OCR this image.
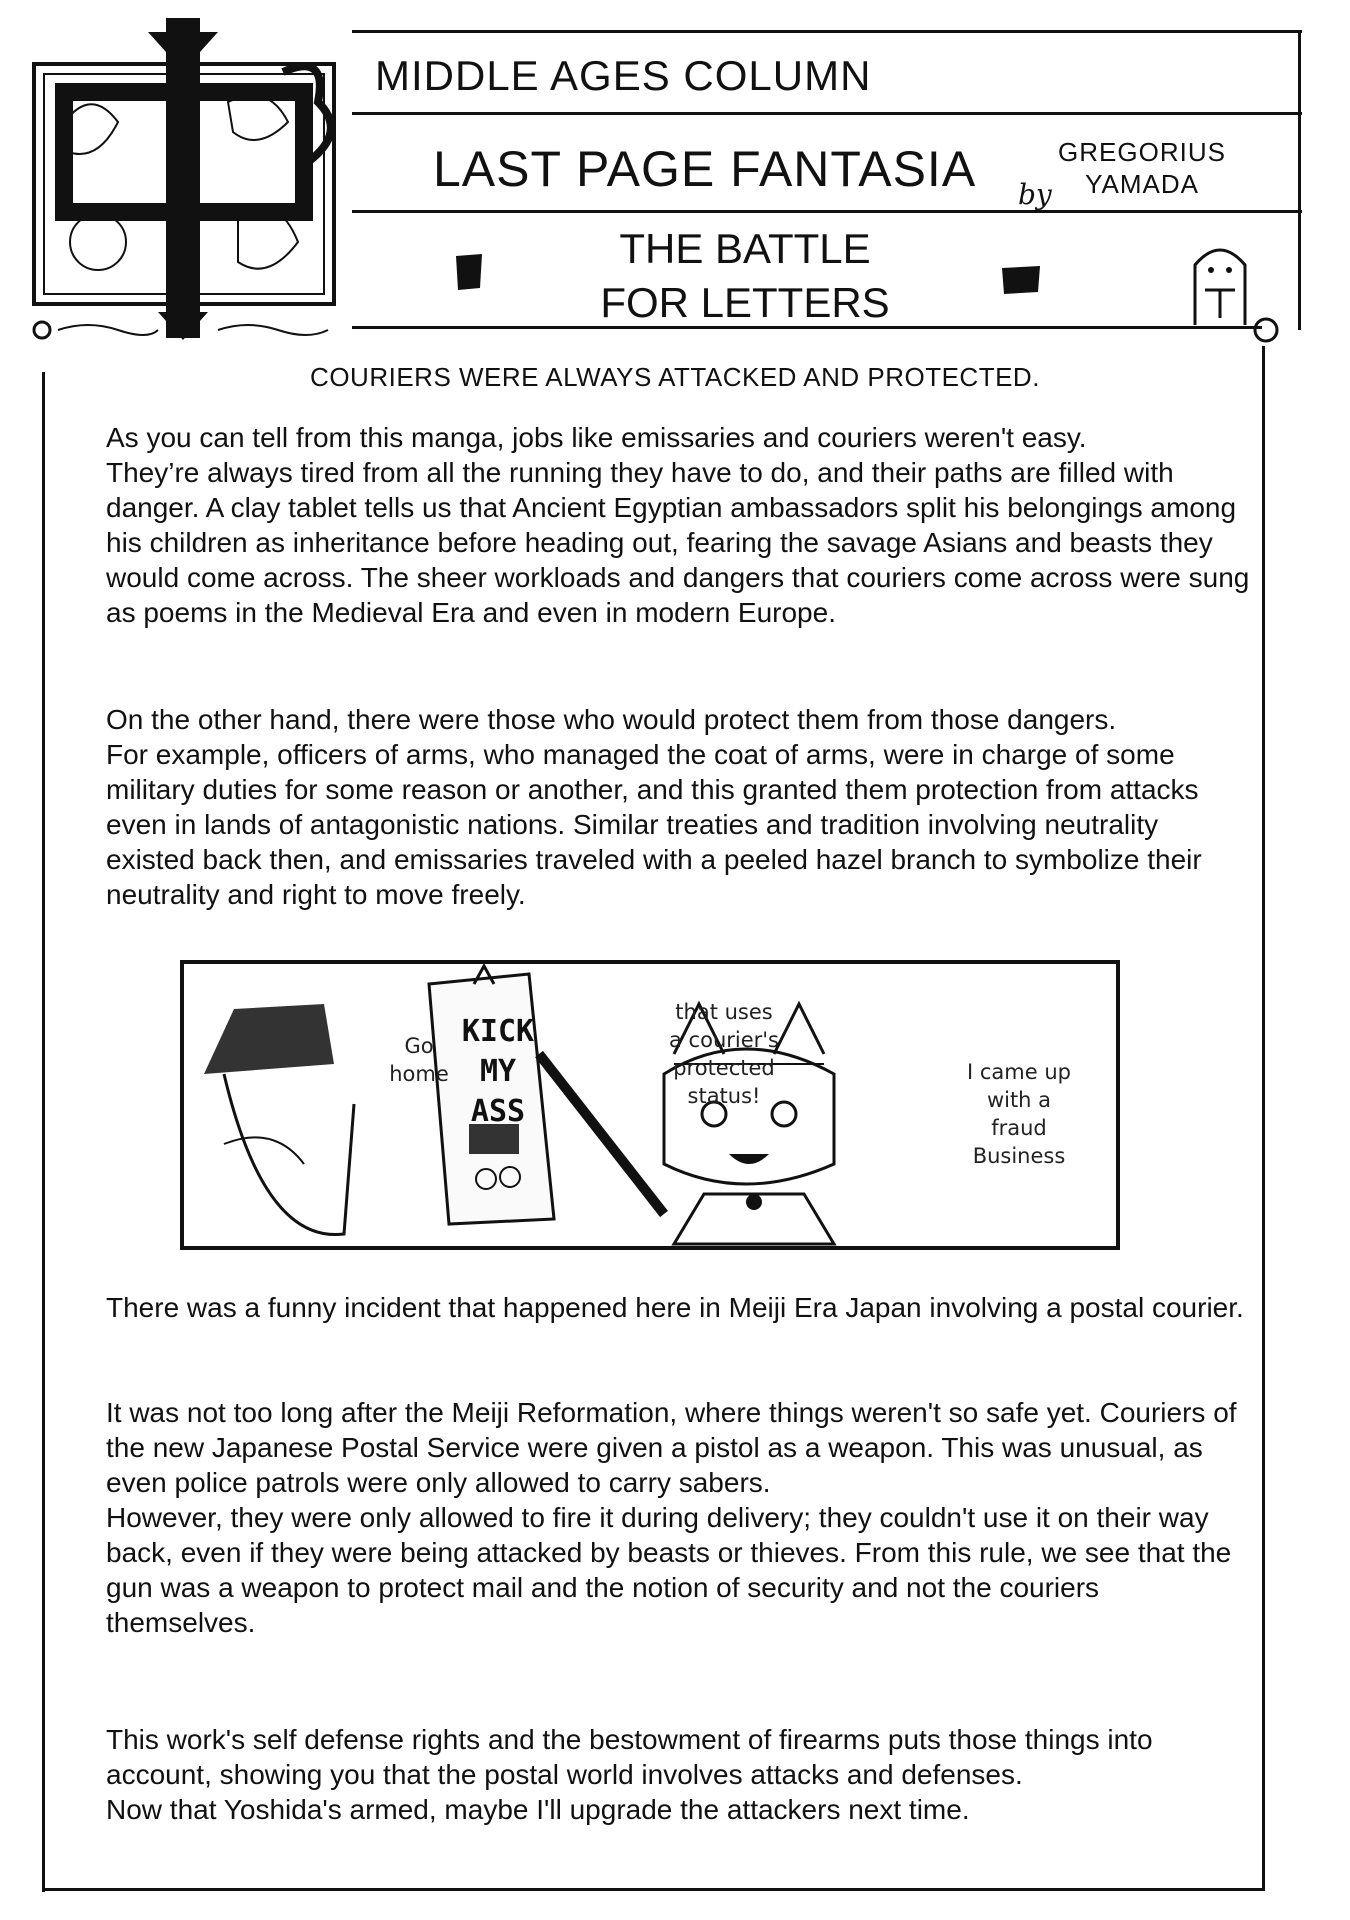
MIDDLE AGES COLUMN
LAST PAGE FANTASIA	GREGORIUS
YAMADA
by
THE BATTLE
FOR LETTERS
COURIERS WERE ALWAYS ATTACKED AND PROTECTED.

As you can tell from this manga, jobs like emissaries and couriers weren't easy.

They’re always tired from all the running they have to do, and their paths are filled with danger. A clay tablet tells us that Ancient Egyptian ambassadors split his belongings among his children as inheritance before heading out, fearing the savage Asians and beasts they would come across. The sheer workloads and dangers that couriers come across were sung as poems in the Medieval Era and even in modern Europe.

On the other hand, there were those who would protect them from those dangers.

For example, officers of arms, who managed the coat of arms, were in charge of some military duties for some reason or another, and this granted them protection from attacks even in lands of antagonistic nations. Similar treaties and tradition involving neutrality existed back then, and emissaries traveled with a peeled hazel branch to symbolize their neutrality and right to move freely.

Go
home
KICK
MY
ASS
that uses
a courier's
protected
status!
I came up
with a
fraud
Business

There was a funny incident that happened here in Meiji Era Japan involving a postal courier.

It was not too long after the Meiji Reformation, where things weren't so safe yet. Couriers of the new Japanese Postal Service were given a pistol as a weapon. This was unusual, as even police patrols were only allowed to carry sabers.

However, they were only allowed to fire it during delivery; they couldn't use it on their way back, even if they were being attacked by beasts or thieves. From this rule, we see that the gun was a weapon to protect mail and the notion of security and not the couriers themselves.

This work's self defense rights and the bestowment of firearms puts those things into account, showing you that the postal world involves attacks and defenses.

Now that Yoshida's armed, maybe I'll upgrade the attackers next time.
